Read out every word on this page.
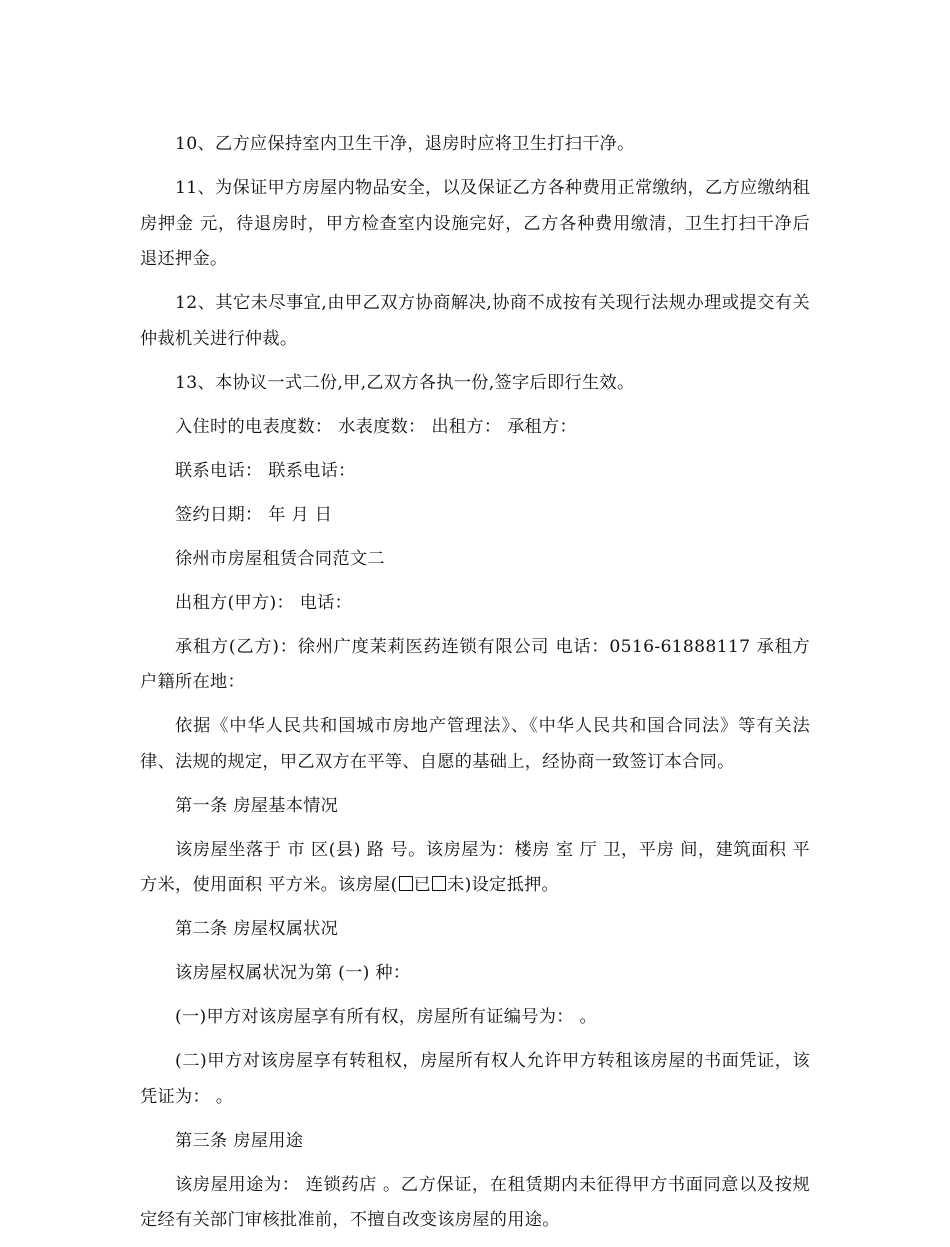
10、乙方应保持室内卫生干净，退房时应将卫生打扫干净。

11、为保证甲方房屋内物品安全，以及保证乙方各种费用正常缴纳，乙方应缴纳租房押金 元，待退房时，甲方检查室内设施完好，乙方各种费用缴清，卫生打扫干净后退还押金。

12、其它未尽事宜,由甲乙双方协商解决,协商不成按有关现行法规办理或提交有关仲裁机关进行仲裁。

13、本协议一式二份,甲,乙双方各执一份,签字后即行生效。

入住时的电表度数： 水表度数： 出租方： 承租方：

联系电话： 联系电话：

签约日期： 年 月 日

徐州市房屋租赁合同范文二

出租方(甲方)： 电话：

承租方(乙方)：徐州广度茉莉医药连锁有限公司 电话：0516-61888117 承租方户籍所在地：

依据《中华人民共和国城市房地产管理法》、《中华人民共和国合同法》等有关法律、法规的规定，甲乙双方在平等、自愿的基础上，经协商一致签订本合同。

第一条 房屋基本情况

该房屋坐落于 市 区(县) 路 号。该房屋为：楼房 室 厅 卫，平房 间，建筑面积 平方米，使用面积 平方米。该房屋( 已 未)设定抵押。

第二条 房屋权属状况

该房屋权属状况为第 (一) 种：

(一)甲方对该房屋享有所有权，房屋所有证编号为： 。

(二)甲方对该房屋享有转租权，房屋所有权人允许甲方转租该房屋的书面凭证，该凭证为： 。

第三条 房屋用途

该房屋用途为： 连锁药店 。乙方保证，在租赁期内未征得甲方书面同意以及按规定经有关部门审核批准前，不擅自改变该房屋的用途。
